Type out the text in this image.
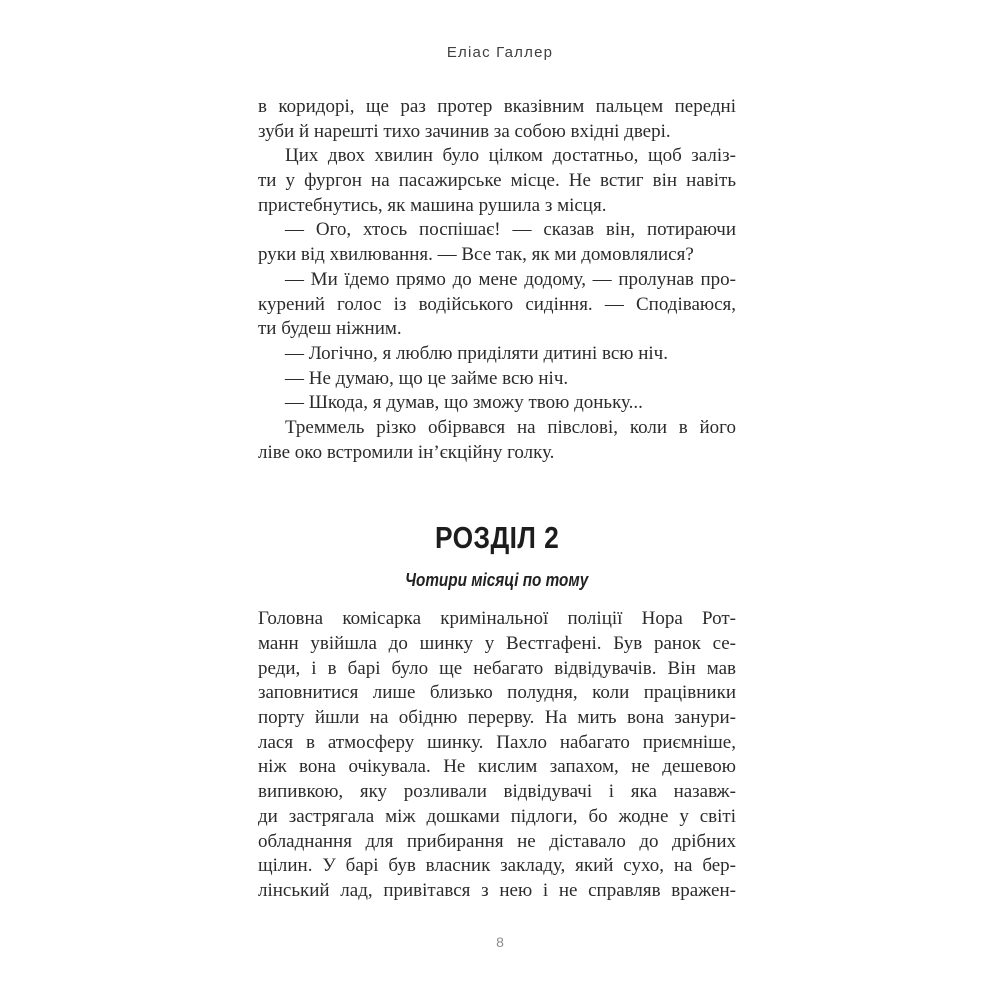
Еліас Галлер
в коридорі, ще раз протер вказівним пальцем передні
зуби й нарешті тихо зачинив за собою вхідні двері.
Цих двох хвилин було цілком достатньо, щоб заліз-
ти у фургон на пасажирське місце. Не встиг він навіть
пристебнутись, як машина рушила з місця.
— Ого, хтось поспішає! — сказав він, потираючи
руки від хвилювання. — Все так, як ми домовлялися?
— Ми їдемо прямо до мене додому, — пролунав про-
курений голос із водійського сидіння. — Сподіваюся,
ти будеш ніжним.
— Логічно, я люблю приділяти дитині всю ніч.
— Не думаю, що це займе всю ніч.
— Шкода, я думав, що зможу твою доньку...
Треммель різко обірвався на півслові, коли в його
ліве око встромили ін’єкційну голку.
РОЗДІЛ 2
Чотири місяці по тому
Головна комісарка кримінальної поліції Нора Рот-
манн увійшла до шинку у Вестгафені. Був ранок се-
реди, і в барі було ще небагато відвідувачів. Він мав
заповнитися лише близько полудня, коли працівники
порту йшли на обідню перерву. На мить вона занури-
лася в атмосферу шинку. Пахло набагато приємніше,
ніж вона очікувала. Не кислим запахом, не дешевою
випивкою, яку розливали відвідувачі і яка назавж-
ди застрягала між дошками підлоги, бо жодне у світі
обладнання для прибирання не діставало до дрібних
щілин. У барі був власник закладу, який сухо, на бер-
лінський лад, привітався з нею і не справляв вражен-
8
